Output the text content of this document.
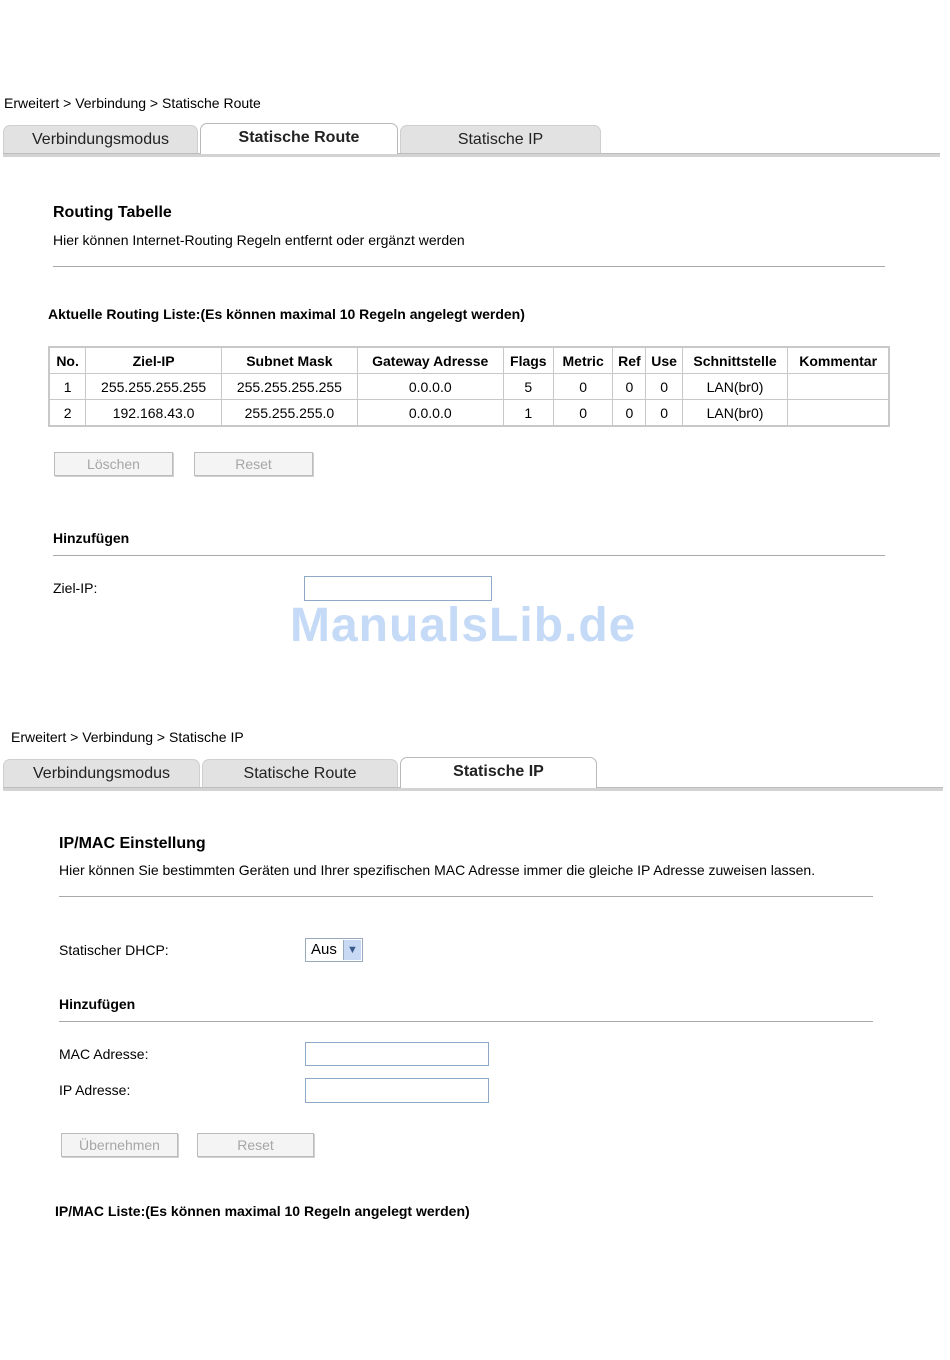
Erweitert > Verbindung > Statische Route
Verbindungsmodus	Statische Route	Statische IP
Routing Tabelle
Hier können Internet-Routing Regeln entfernt oder ergänzt werden
Aktuelle Routing Liste:(Es können maximal 10 Regeln angelegt werden)
No.	Ziel-IP	Subnet Mask	Gateway Adresse	Flags	Metric	Ref	Use	Schnittstelle	Kommentar
1	255.255.255.255	255.255.255.255	0.0.0.0	5	0	0	0	LAN(br0)	
2	192.168.43.0	255.255.255.0	0.0.0.0	1	0	0	0	LAN(br0)	
Löschen	Reset
Hinzufügen
Ziel-IP:
ManualsLib.de
Erweitert > Verbindung > Statische IP
Verbindungsmodus	Statische Route	Statische IP
IP/MAC Einstellung
Hier können Sie bestimmten Geräten und Ihrer spezifischen MAC Adresse immer die gleiche IP Adresse zuweisen lassen.
Statischer DHCP:	Aus ▼
Hinzufügen
MAC Adresse:
IP Adresse:
Übernehmen	Reset
IP/MAC Liste:(Es können maximal 10 Regeln angelegt werden)
